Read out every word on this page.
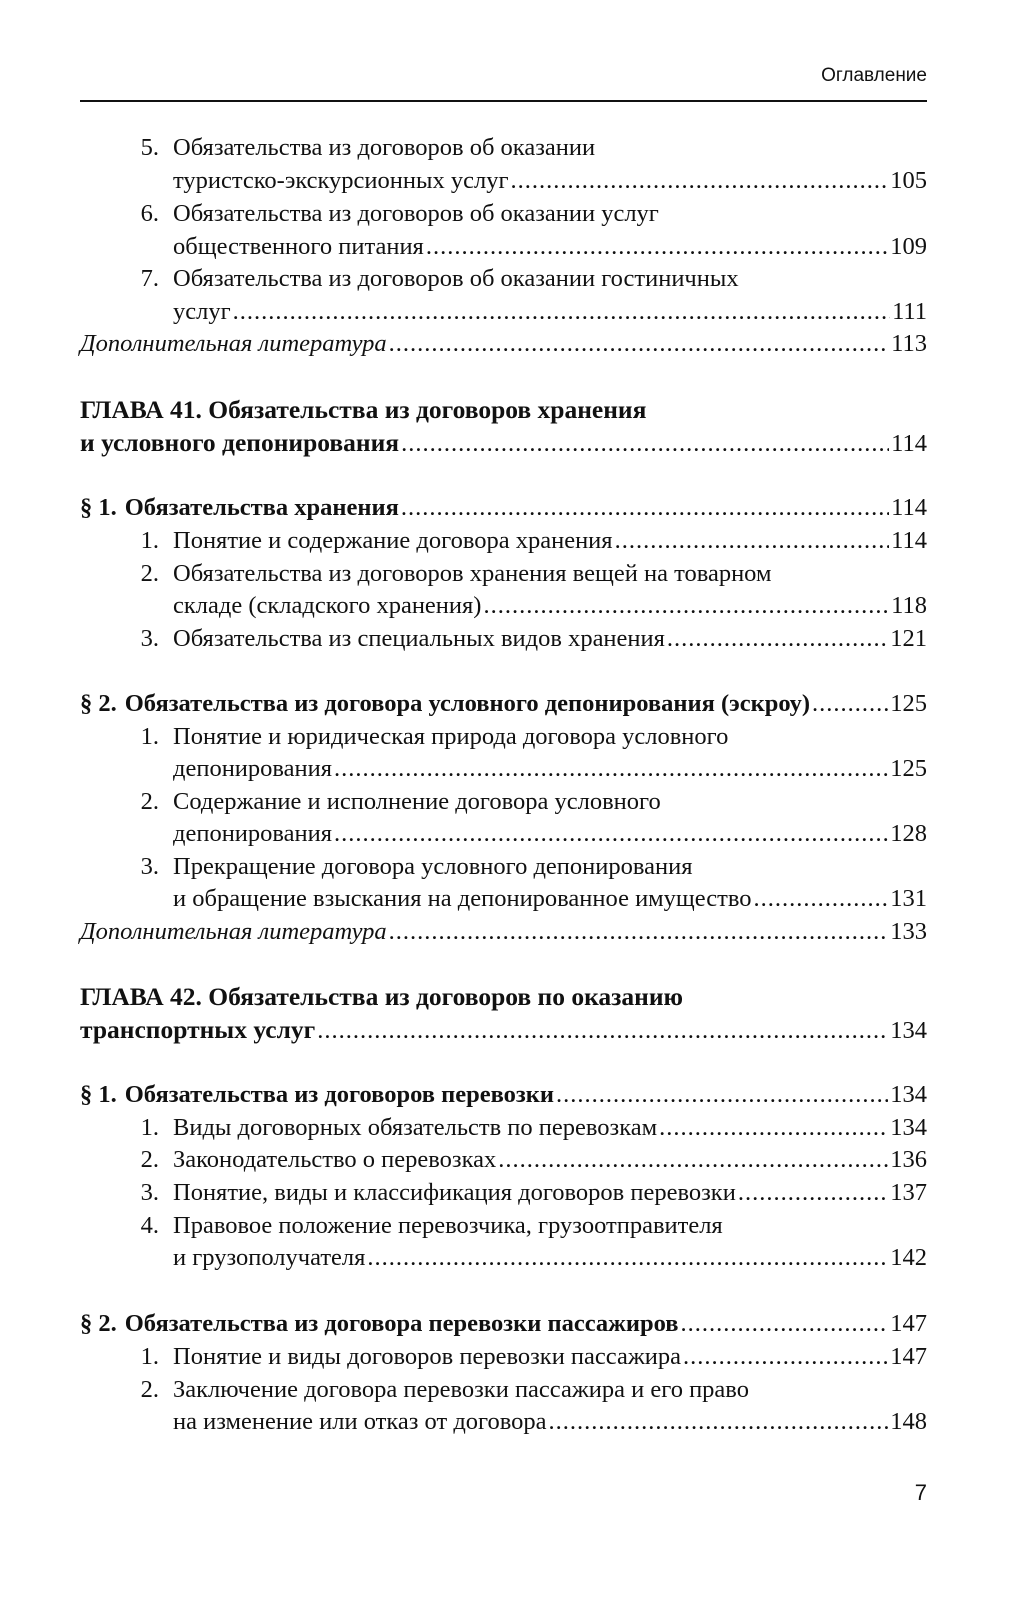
Оглавление
5. Обязательства из договоров об оказании
туристско-экскурсионных услуг .....	105
6. Обязательства из договоров об оказании услуг
общественного питания .....	109
7. Обязательства из договоров об оказании гостиничных
услуг .....	111
Дополнительная литература .....	113
ГЛАВА 41. Обязательства из договоров хранения
и условного депонирования .....	114
§ 1. Обязательства хранения .....	114
1. Понятие и содержание договора хранения .....	114
2. Обязательства из договоров хранения вещей на товарном
складе (складского хранения) .....	118
3. Обязательства из специальных видов хранения .....	121
§ 2. Обязательства из договора условного депонирования (эскроу) .....	125
1. Понятие и юридическая природа договора условного
депонирования .....	125
2. Содержание и исполнение договора условного
депонирования .....	128
3. Прекращение договора условного депонирования
и обращение взыскания на депонированное имущество .....	131
Дополнительная литература .....	133
ГЛАВА 42. Обязательства из договоров по оказанию
транспортных услуг .....	134
§ 1. Обязательства из договоров перевозки .....	134
1. Виды договорных обязательств по перевозкам .....	134
2. Законодательство о перевозках .....	136
3. Понятие, виды и классификация договоров перевозки .....	137
4. Правовое положение перевозчика, грузоотправителя
и грузополучателя .....	142
§ 2. Обязательства из договора перевозки пассажиров .....	147
1. Понятие и виды договоров перевозки пассажира .....	147
2. Заключение договора перевозки пассажира и его право
на изменение или отказ от договора .....	148
7
